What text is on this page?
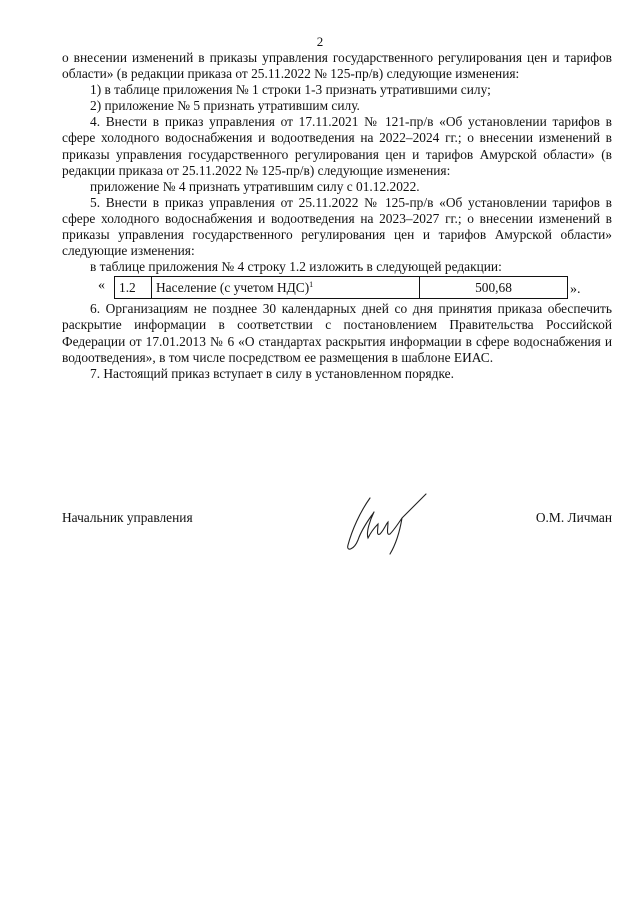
2

о внесении изменений в приказы управления государственного регулирования цен и тарифов области» (в редакции приказа от 25.11.2022 № 125-пр/в) следующие изменения:

1) в таблице приложения № 1 строки 1-3 признать утратившими силу;

2) приложение № 5 признать утратившим силу.

4. Внести в приказ управления от 17.11.2021 № 121-пр/в «Об установлении тарифов в сфере холодного водоснабжения и водоотведения на 2022–2024 гг.; о внесении изменений в приказы управления государственного регулирования цен и тарифов Амурской области» (в редакции приказа от 25.11.2022 № 125-пр/в) следующие изменения:

приложение № 4 признать утратившим силу с 01.12.2022.

5. Внести в приказ управления от 25.11.2022 № 125-пр/в «Об установлении тарифов в сфере холодного водоснабжения и водоотведения на 2023–2027 гг.; о внесении изменений в приказы управления государственного регулирования цен и тарифов Амурской области» следующие изменения:

в таблице приложения № 4 строку 1.2 изложить в следующей редакции:

« 1.2	Население (с учетом НДС)$^1$	500,68	».

6. Организациям не позднее 30 календарных дней со дня принятия приказа обеспечить раскрытие информации в соответствии с постановлением Правительства Российской Федерации от 17.01.2013 № 6 «О стандартах раскрытия информации в сфере водоснабжения и водоотведения», в том числе посредством ее размещения в шаблоне ЕИАС.

7. Настоящий приказ вступает в силу в установленном порядке.

Начальник управления	О.М. Личман
